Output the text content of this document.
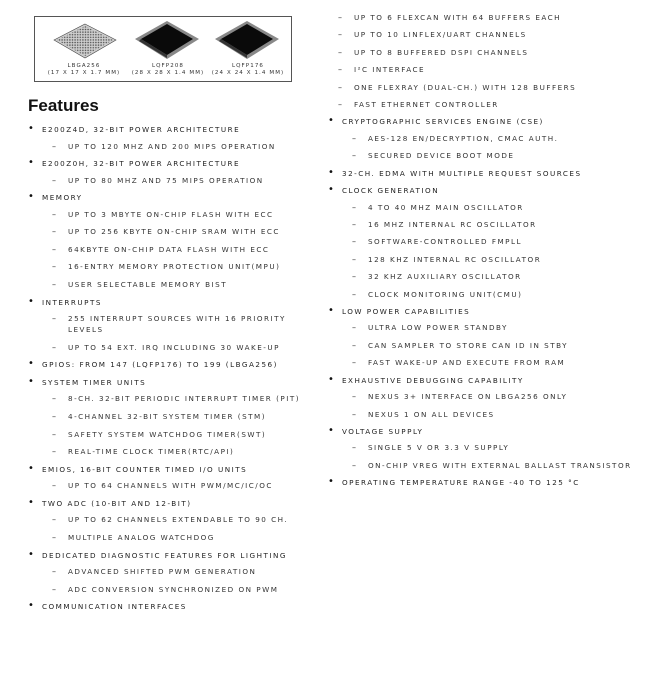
LBGA256
(17 X 17 X 1.7 MM)
LQFP208
(28 X 28 X 1.4 MM)
LQFP176
(24 X 24 X 1.4 MM)
Features
• E200Z4D, 32-BIT POWER ARCHITECTURE
– UP TO 120 MHZ AND 200 MIPS OPERATION
• E200Z0H, 32-BIT POWER ARCHITECTURE
– UP TO 80 MHZ AND 75 MIPS OPERATION
• MEMORY
– UP TO 3 MBYTE ON-CHIP FLASH WITH ECC
– UP TO 256 KBYTE ON-CHIP SRAM WITH ECC
– 64KBYTE ON-CHIP DATA FLASH WITH ECC
– 16-ENTRY MEMORY PROTECTION UNIT(MPU)
– USER SELECTABLE MEMORY BIST
• INTERRUPTS
– 255 INTERRUPT SOURCES WITH 16 PRIORITY LEVELS
– UP TO 54 EXT. IRQ INCLUDING 30 WAKE-UP
• GPIOS: FROM 147 (LQFP176) TO 199 (LBGA256)
• SYSTEM TIMER UNITS
– 8-CH. 32-BIT PERIODIC INTERRUPT TIMER (PIT)
– 4-CHANNEL 32-BIT SYSTEM TIMER (STM)
– SAFETY SYSTEM WATCHDOG TIMER(SWT)
– REAL-TIME CLOCK TIMER(RTC/API)
• EMIOS, 16-BIT COUNTER TIMED I/O UNITS
– UP TO 64 CHANNELS WITH PWM/MC/IC/OC
• TWO ADC (10-BIT AND 12-BIT)
– UP TO 62 CHANNELS EXTENDABLE TO 90 CH.
– MULTIPLE ANALOG WATCHDOG
• DEDICATED DIAGNOSTIC FEATURES FOR LIGHTING
– ADVANCED SHIFTED PWM GENERATION
– ADC CONVERSION SYNCHRONIZED ON PWM
• COMMUNICATION INTERFACES
– UP TO 6 FLEXCAN WITH 64 BUFFERS EACH
– UP TO 10 LINFLEX/UART CHANNELS
– UP TO 8 BUFFERED DSPI CHANNELS
– I²C INTERFACE
– ONE FLEXRAY (DUAL-CH.) WITH 128 BUFFERS
– FAST ETHERNET CONTROLLER
• CRYPTOGRAPHIC SERVICES ENGINE (CSE)
– AES-128 EN/DECRYPTION, CMAC AUTH.
– SECURED DEVICE BOOT MODE
• 32-CH. EDMA WITH MULTIPLE REQUEST SOURCES
• CLOCK GENERATION
– 4 TO 40 MHZ MAIN OSCILLATOR
– 16 MHZ INTERNAL RC OSCILLATOR
– SOFTWARE-CONTROLLED FMPLL
– 128 KHZ INTERNAL RC OSCILLATOR
– 32 KHZ AUXILIARY OSCILLATOR
– CLOCK MONITORING UNIT(CMU)
• LOW POWER CAPABILITIES
– ULTRA LOW POWER STANDBY
– CAN SAMPLER TO STORE CAN ID IN STBY
– FAST WAKE-UP AND EXECUTE FROM RAM
• EXHAUSTIVE DEBUGGING CAPABILITY
– NEXUS 3+ INTERFACE ON LBGA256 ONLY
– NEXUS 1 ON ALL DEVICES
• VOLTAGE SUPPLY
– SINGLE 5 V OR 3.3 V SUPPLY
– ON-CHIP VREG WITH EXTERNAL BALLAST TRANSISTOR
• OPERATING TEMPERATURE RANGE -40 TO 125 °C
